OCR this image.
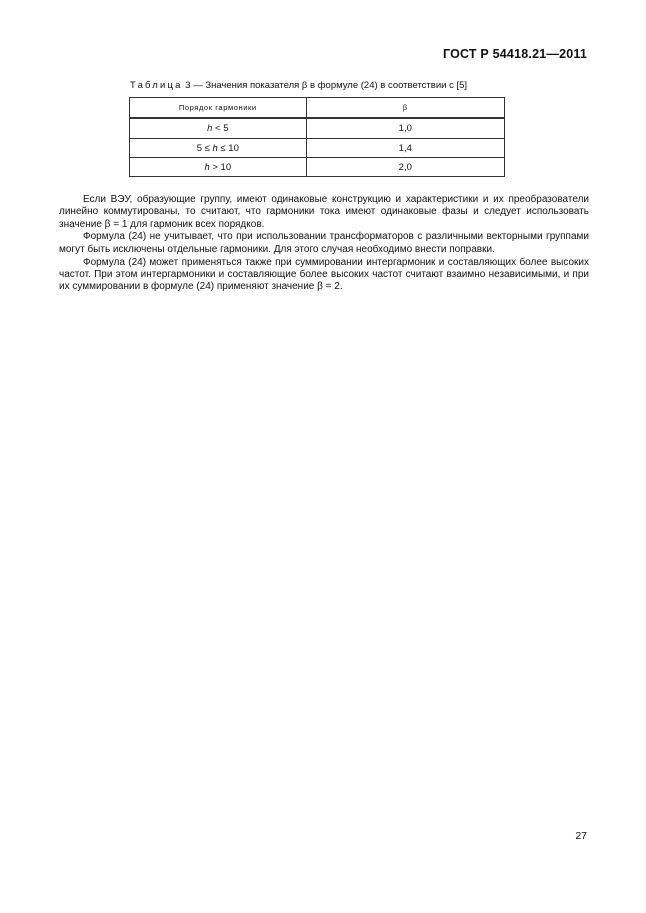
ГОСТ Р 54418.21—2011
Таблица 3 — Значения показателя β в формуле (24) в соответствии с [5]
Порядок гармоники	β
h < 5	1,0
5 ≤ h ≤ 10	1,4
h > 10	2,0

Если ВЭУ, образующие группу, имеют одинаковые конструкцию и характеристики и их преобразователи линейно коммутированы, то считают, что гармоники тока имеют одинаковые фазы и следует использовать значение β = 1 для гармоник всех порядков.

Формула (24) не учитывает, что при использовании трансформаторов с различными векторными группами могут быть исключены отдельные гармоники. Для этого случая необходимо внести поправки.

Формула (24) может применяться также при суммировании интергармоник и составляющих более высоких частот. При этом интергармоники и составляющие более высоких частот считают взаимно независимыми, и при их суммировании в формуле (24) применяют значение β = 2.

27
